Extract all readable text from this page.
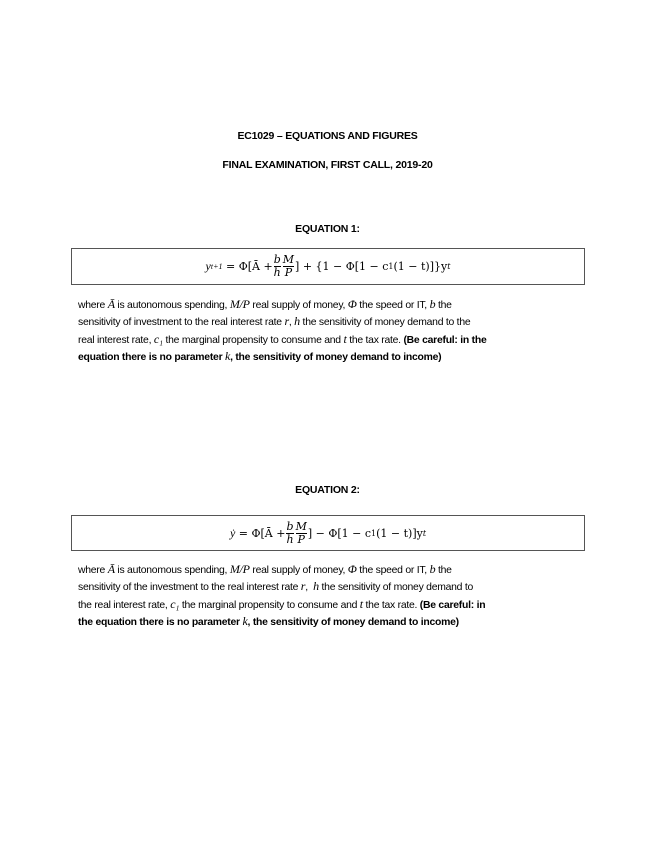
EC1029 – EQUATIONS AND FIGURES
FINAL EXAMINATION, FIRST CALL, 2019-20
EQUATION 1:
y t+1
= Φ[Ā + $\frac{b}{h} \frac{M}{P}$ ] + {1 − Φ[1 − c 1 (1 − t)]}y t
where Ā is autonomous spending, M/P real supply of money, Φ the speed or IT, b the
sensitivity of investment to the real interest rate r, h the sensitivity of money demand to the
real interest rate, c₁ the marginal propensity to consume and t the tax rate. (Be careful: in the
equation there is no parameter k, the sensitivity of money demand to income)
EQUATION 2:
ẏ
= Φ[Ā + $\frac{b}{h} \frac{M}{P}$ ] − Φ[1 − c 1 (1 − t)]y t
where Ā is autonomous spending, M/P real supply of money, Φ the speed or IT, b the
sensitivity of the investment to the real interest rate r,  h the sensitivity of money demand to
the real interest rate, c₁ the marginal propensity to consume and t the tax rate. (Be careful: in
the equation there is no parameter k, the sensitivity of money demand to income)
